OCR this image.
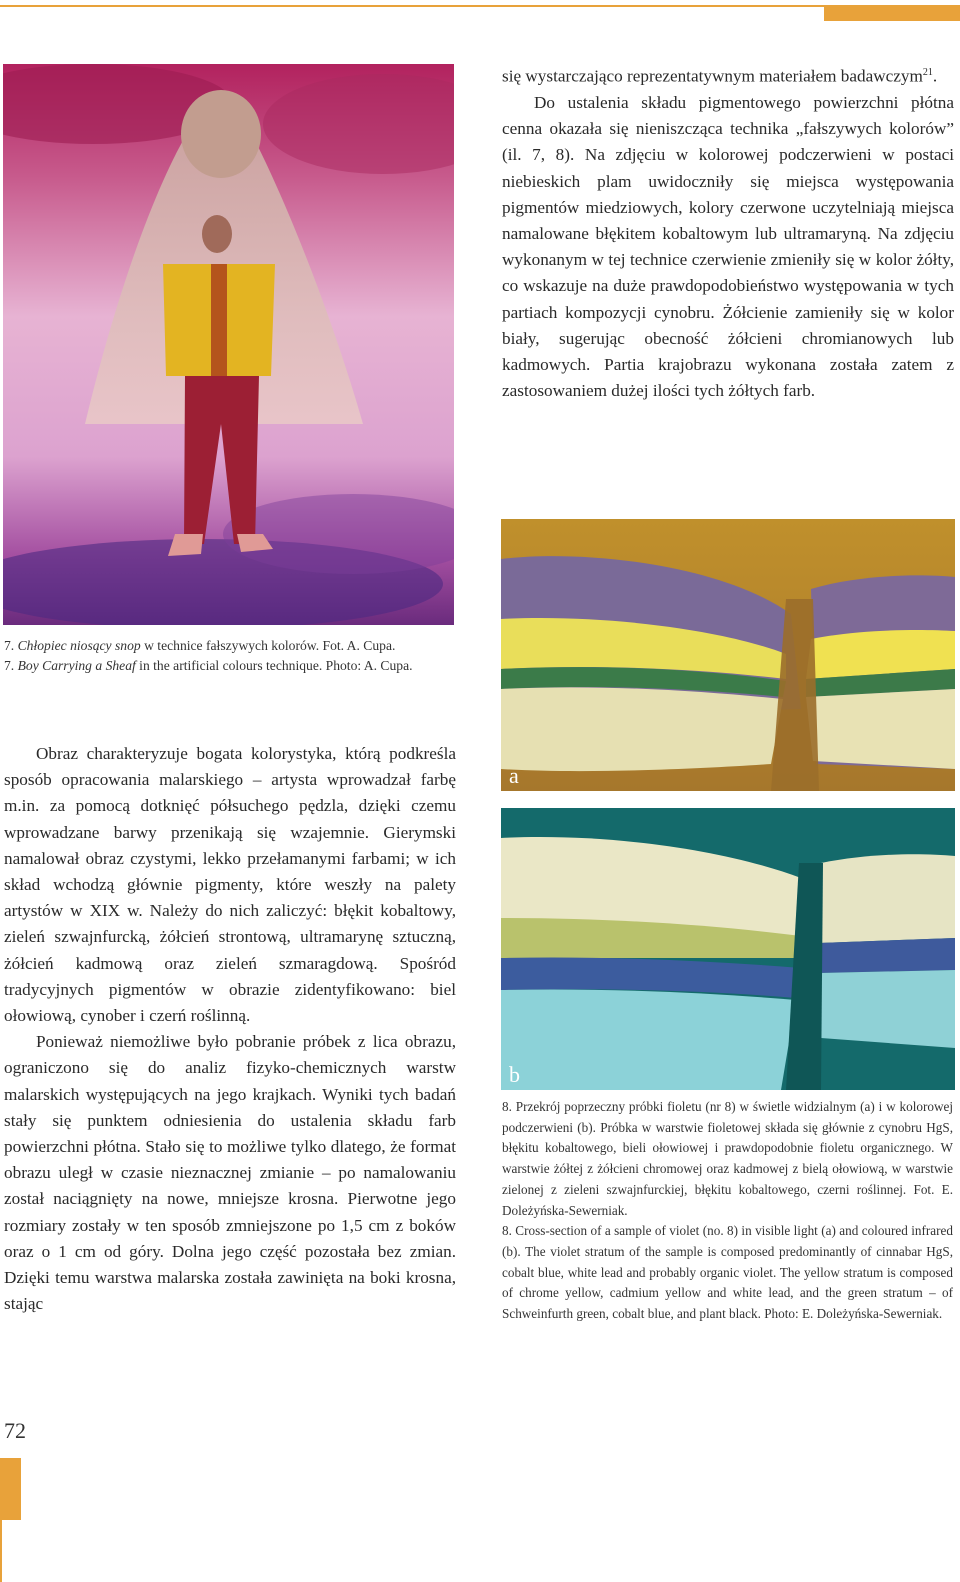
7. Chłopiec niosący snop w technice fałszywych kolorów. Fot. A. Cupa.

7. Boy Carrying a Sheaf in the artificial colours technique. Photo: A. Cupa.

a
b

8. Przekrój poprzeczny próbki fioletu (nr 8) w świetle widzialnym (a) i w kolorowej podczerwieni (b). Próbka w warstwie fioletowej składa się głównie z cynobru HgS, błękitu kobaltowego, bieli ołowiowej i prawdopodobnie fioletu organicznego. W warstwie żółtej z żółcieni chromowej oraz kadmowej z bielą ołowiową, w warstwie zielonej z zieleni szwajnfurckiej, błękitu kobaltowego, czerni roślinnej. Fot. E. Doleżyńska-Sewerniak.

8. Cross-section of a sample of violet (no. 8) in visible light (a) and coloured infrared (b). The violet stratum of the sample is composed predominantly of cinnabar HgS, cobalt blue, white lead and probably organic violet. The yellow stratum is composed of chrome yellow, cadmium yellow and white lead, and the green stratum – of Schweinfurth green, cobalt blue, and plant black. Photo: E. Doleżyńska-Sewerniak.

się wystarczająco reprezentatywnym materiałem badawczym$^{21}$.

Do ustalenia składu pigmentowego powierzchni płótna cenna okazała się nieniszcząca technika „fałszywych kolorów” (il. 7, 8). Na zdjęciu w kolorowej podczerwieni w postaci niebieskich plam uwidoczniły się miejsca występowania pigmentów miedziowych, kolory czerwone uczytelniają miejsca namalowane błękitem kobaltowym lub ultramaryną. Na zdjęciu wykonanym w tej technice czerwienie zmieniły się w kolor żółty, co wskazuje na duże prawdopodobieństwo występowania w tych partiach kompozycji cynobru. Żółcienie zamieniły się w kolor biały, sugerując obecność żółcieni chromianowych lub kadmowych. Partia krajobrazu wykonana została zatem z zastosowaniem dużej ilości tych żółtych farb.

Obraz charakteryzuje bogata kolorystyka, którą podkreśla sposób opracowania malarskiego – artysta wprowadzał farbę m.in. za pomocą dotknięć półsuchego pędzla, dzięki czemu wprowadzane barwy przenikają się wzajemnie. Gierymski namalował obraz czystymi, lekko przełamanymi farbami; w ich skład wchodzą głównie pigmenty, które weszły na palety artystów w XIX w. Należy do nich zaliczyć: błękit kobaltowy, zieleń szwajnfurcką, żółcień strontową, ultramarynę sztuczną, żółcień kadmową oraz zieleń szmaragdową. Spośród tradycyjnych pigmentów w obrazie zidentyfikowano: biel ołowiową, cynober i czerń roślinną.

Ponieważ niemożliwe było pobranie próbek z lica obrazu, ograniczono się do analiz fizyko-chemicznych warstw malarskich występujących na jego krajkach. Wyniki tych badań stały się punktem odniesienia do ustalenia składu farb powierzchni płótna. Stało się to możliwe tylko dlatego, że format obrazu uległ w czasie nieznacznej zmianie – po namalowaniu został naciągnięty na nowe, mniejsze krosna. Pierwotne jego rozmiary zostały w ten sposób zmniejszone po 1,5 cm z boków oraz o 1 cm od góry. Dolna jego część pozostała bez zmian. Dzięki temu warstwa malarska została zawinięta na boki krosna, stając

72
